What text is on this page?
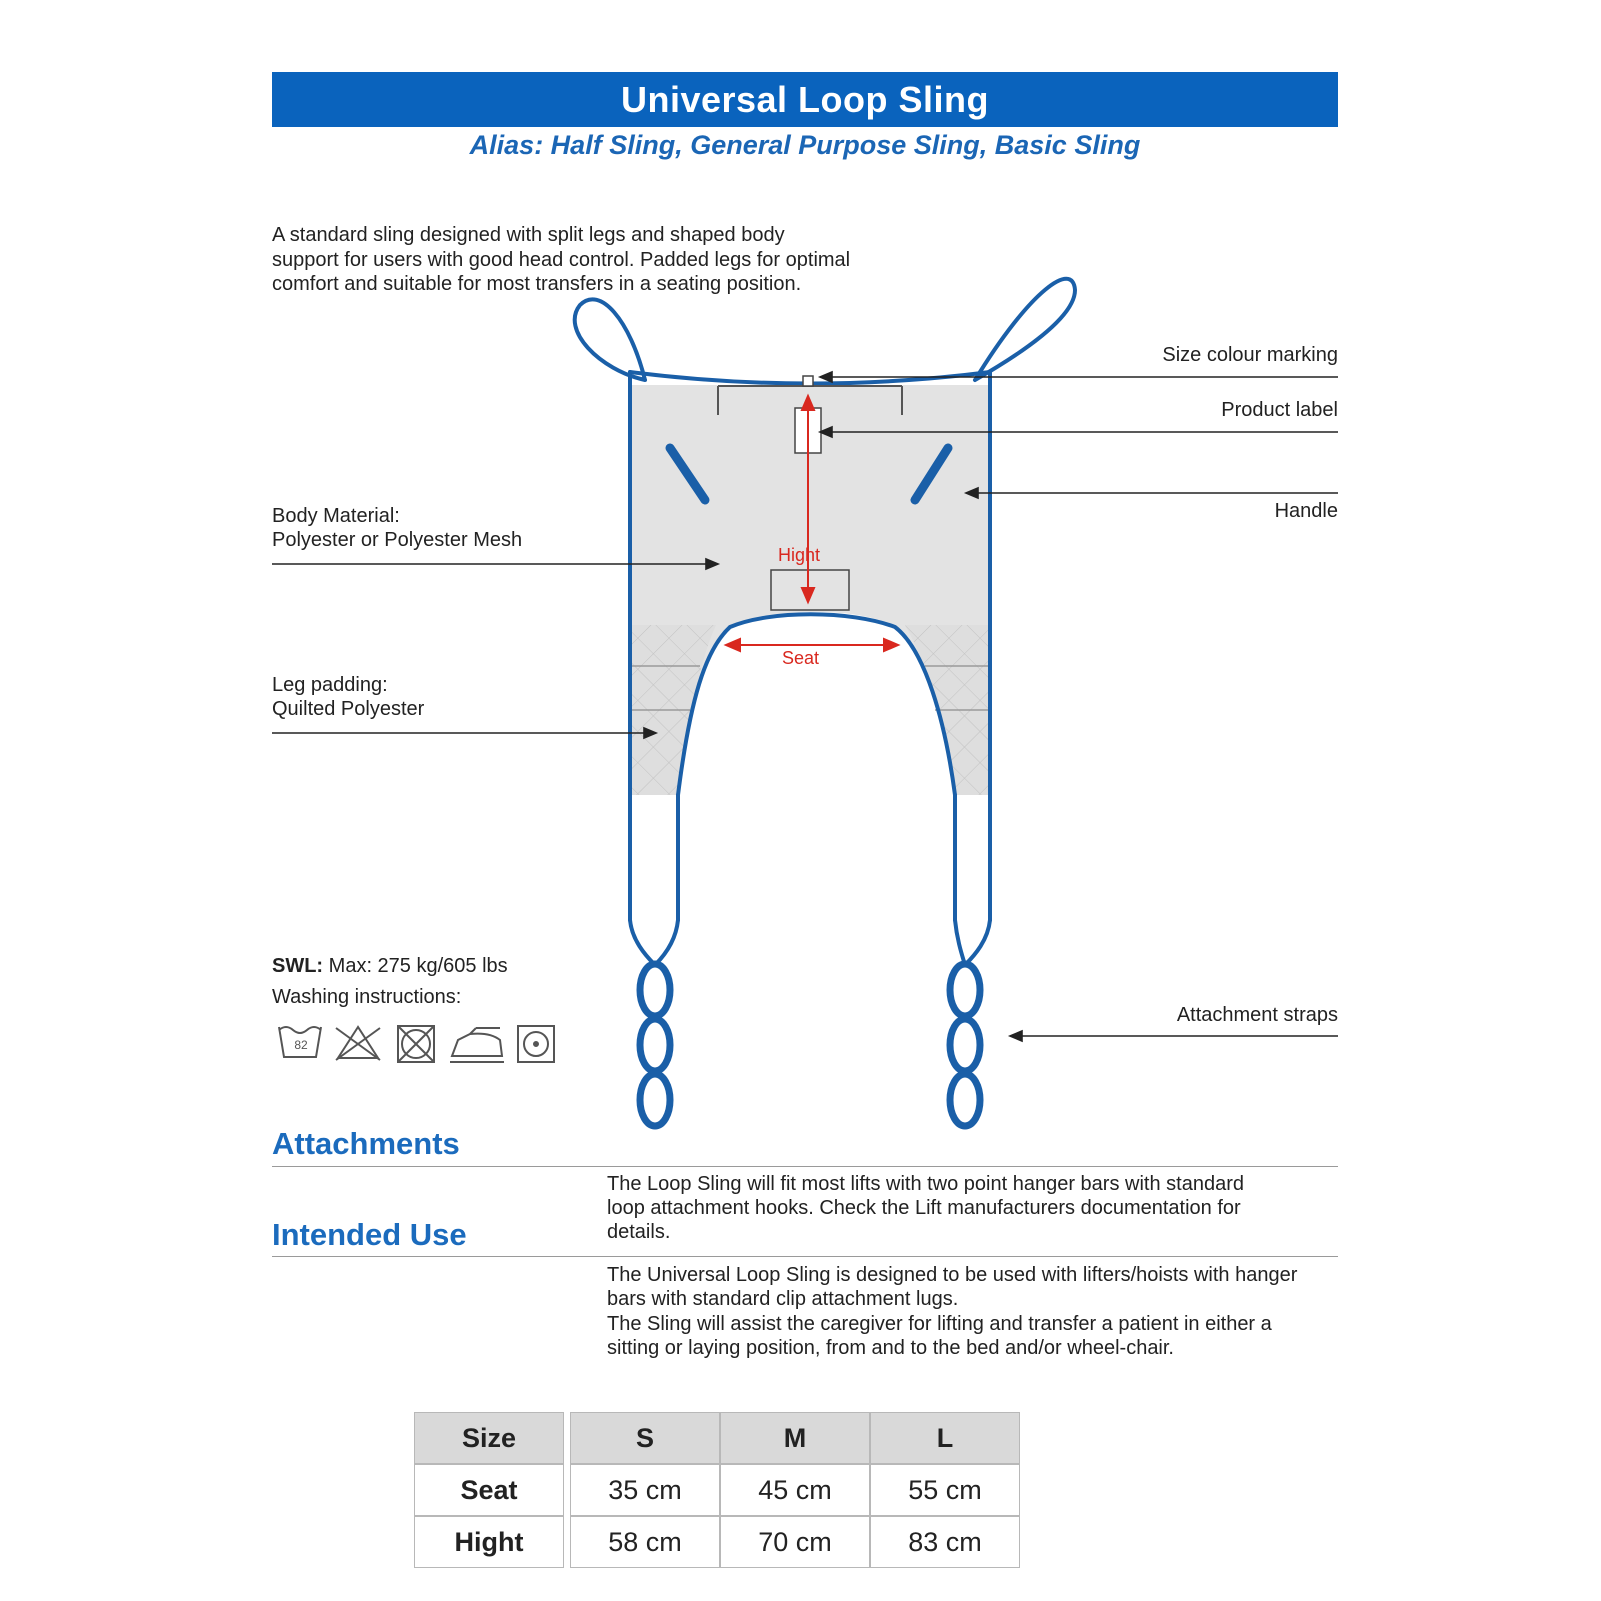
Universal Loop Sling
Alias: Half Sling, General Purpose Sling, Basic Sling
A standard sling designed with split legs and shaped body support for users with good head control. Padded legs for optimal comfort and suitable for most transfers in a seating position.
82
Hight
Seat
Size colour marking
Product label
Handle
Body Material:
Polyester or Polyester Mesh
Leg padding:
Quilted Polyester
Attachment straps
SWL: Max: 275 kg/605 lbs
Washing instructions:
Attachments
The Loop Sling will fit most lifts with two point hanger bars with standard loop attachment hooks. Check the Lift manufacturers documentation for details.
Intended Use
The Universal Loop Sling is designed to be used with lifters/hoists with hanger bars with standard clip attachment lugs.
The Sling will assist the caregiver for lifting and transfer a patient in either a sitting or laying position, from and to the bed and/or wheel-chair.
Size		S	M	L
Seat		35 cm	45 cm	55 cm
Hight		58 cm	70 cm	83 cm
